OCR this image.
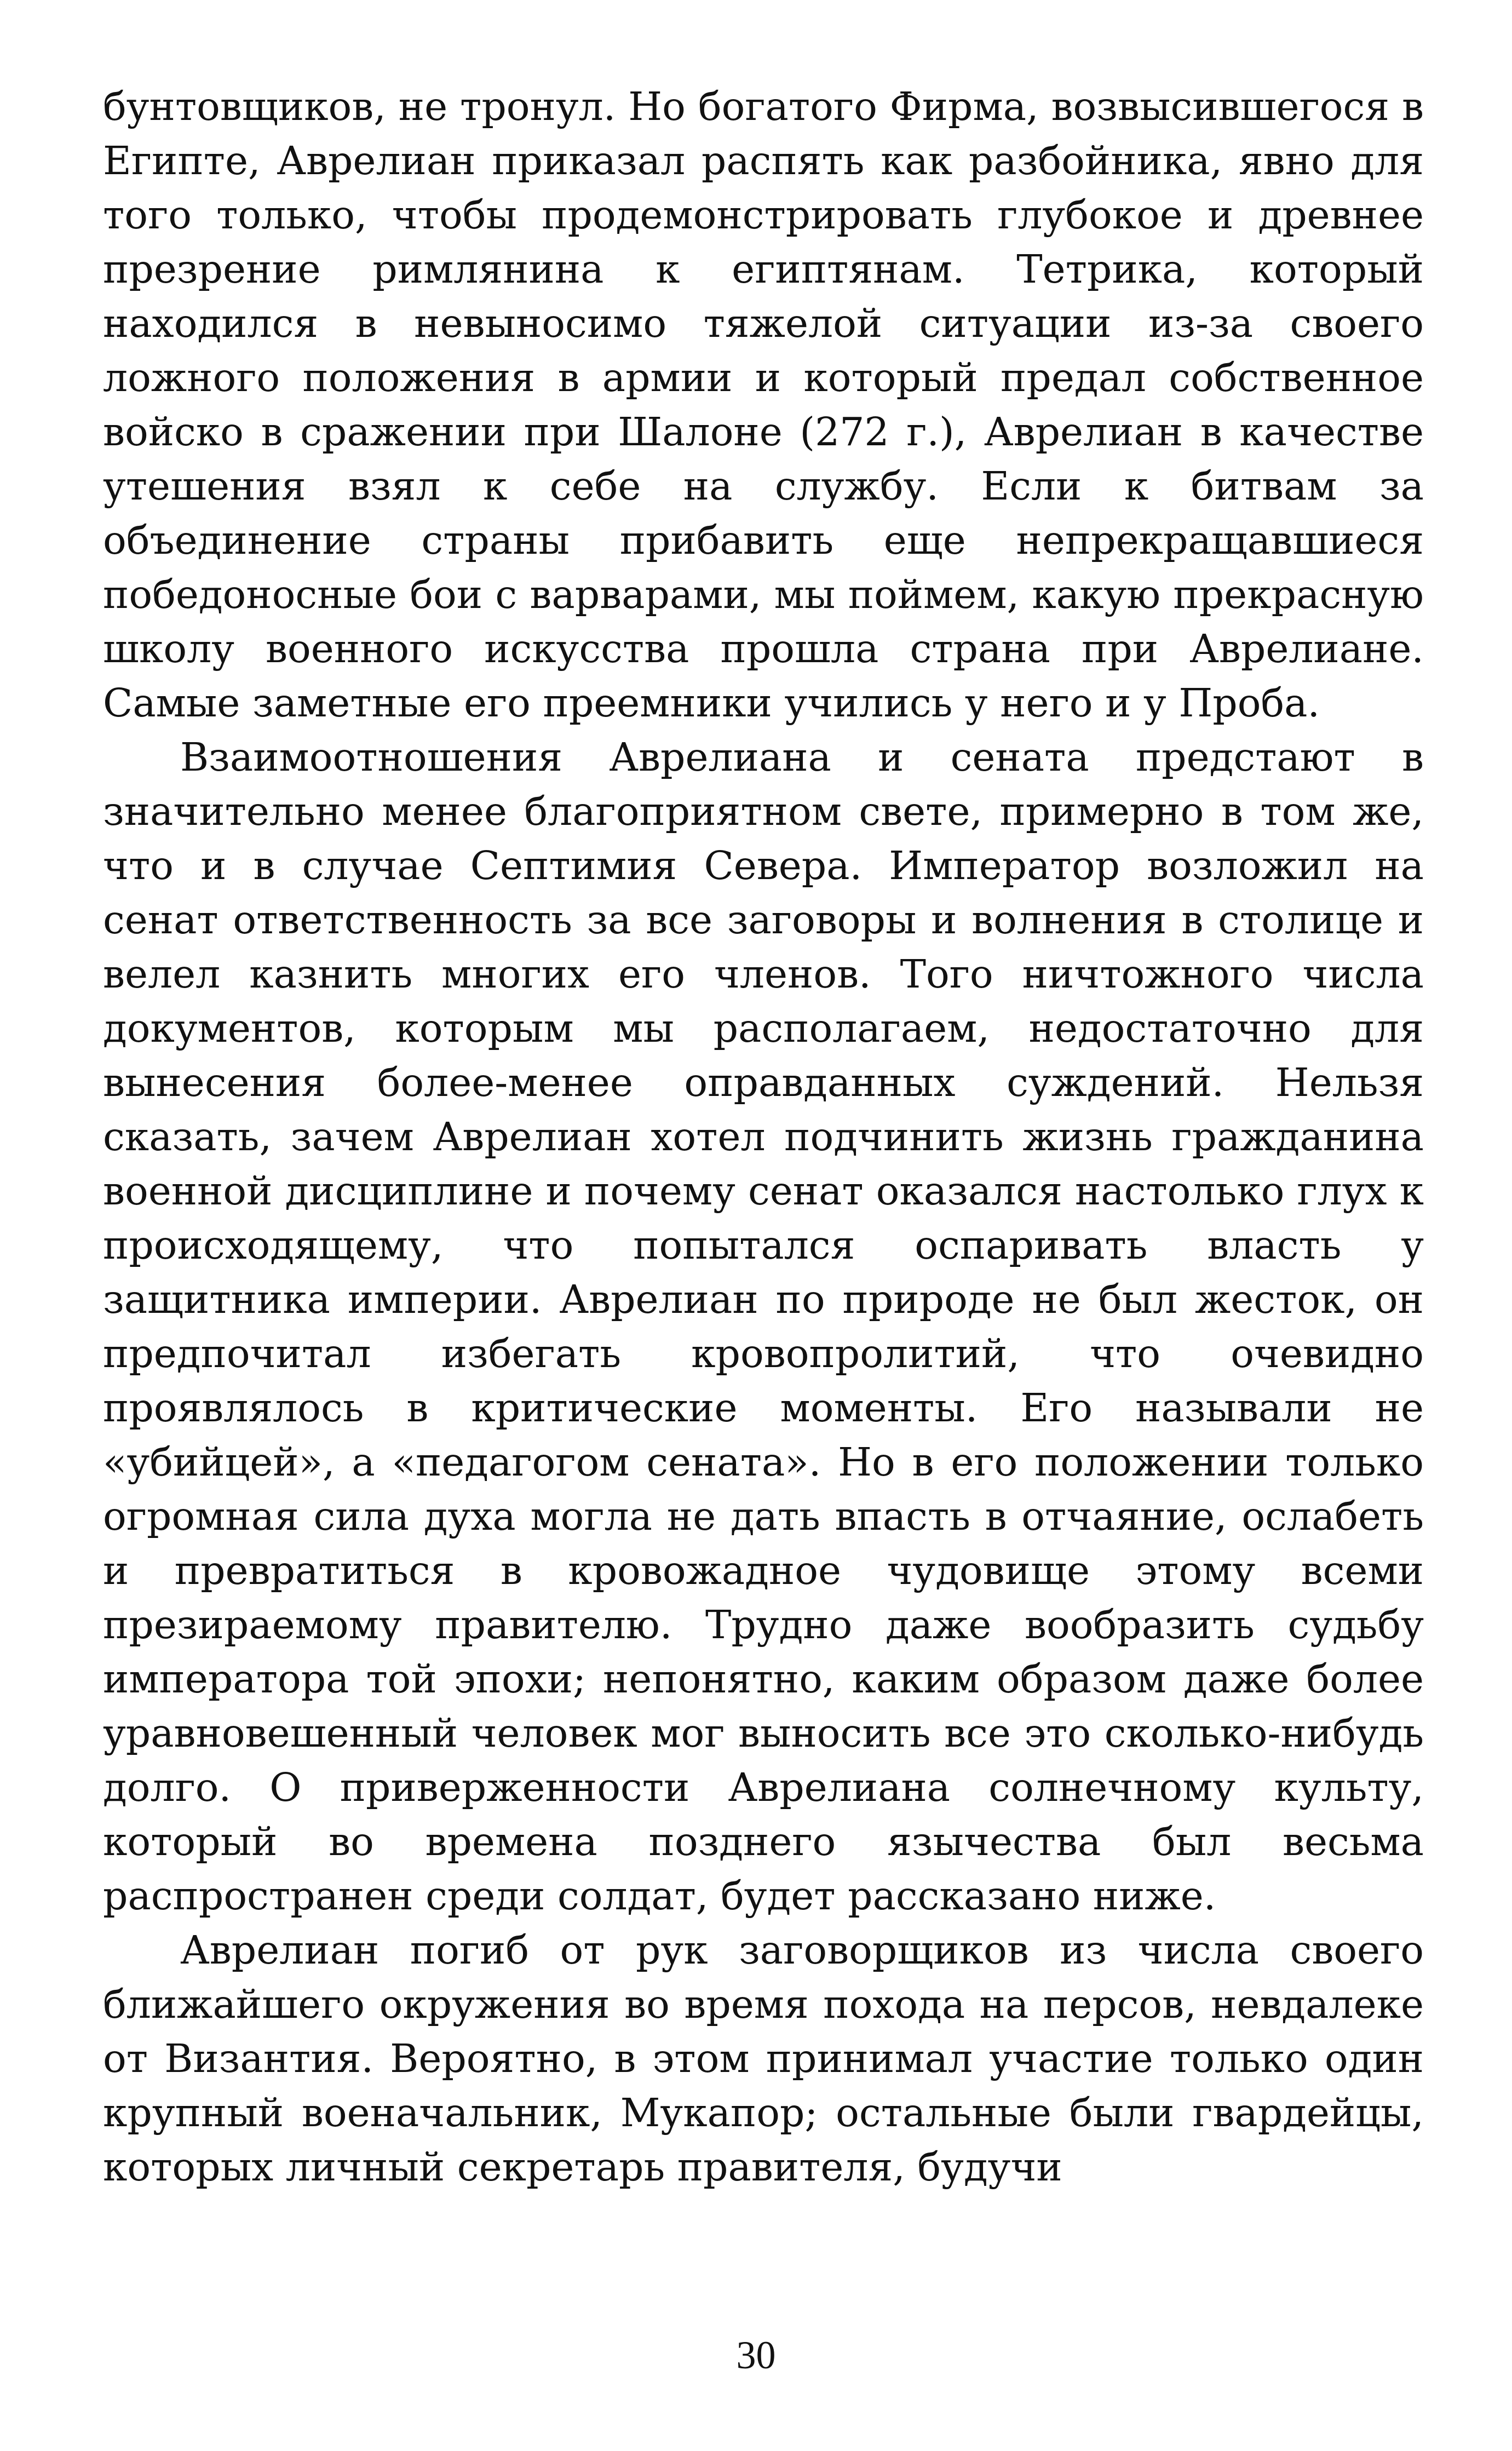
бунтовщиков, не тронул. Но богатого Фирма, возвысившегося в Египте, Аврелиан приказал распять как разбойника, явно для того только, чтобы продемонстрировать глубокое и древнее презрение римлянина к египтянам. Тетрика, который находился в невыносимо тяжелой ситуации из-за своего ложного положения в армии и который предал собственное войско в сражении при Шалоне (272 г.), Аврелиан в качестве утешения взял к себе на службу. Если к битвам за объединение страны прибавить еще непрекращавшиеся победоносные бои с варварами, мы поймем, какую прекрасную школу военного искусства прошла страна при Аврелиане. Самые заметные его преемники учились у него и у Проба.

Взаимоотношения Аврелиана и сената предстают в значительно менее благоприятном свете, примерно в том же, что и в случае Септимия Севера. Император возложил на сенат ответственность за все заговоры и волнения в столице и велел казнить многих его членов. Того ничтожного числа документов, которым мы располагаем, недостаточно для вынесения более-менее оправданных суждений. Нельзя сказать, зачем Аврелиан хотел подчинить жизнь гражданина военной дисциплине и почему сенат оказался настолько глух к происходящему, что попытался оспаривать власть у защитника империи. Аврелиан по природе не был жесток, он предпочитал избегать кровопролитий, что очевидно проявлялось в критические моменты. Его называли не «убийцей», а «педагогом сената». Но в его положении только огромная сила духа могла не дать впасть в отчаяние, ослабеть и превратиться в кровожадное чудовище этому всеми презираемому правителю. Трудно даже вообразить судьбу императора той эпохи; непонятно, каким образом даже более уравновешенный человек мог выносить все это сколько-нибудь долго. О приверженности Аврелиана солнечному культу, который во времена позднего язычества был весьма распространен среди солдат, будет рассказано ниже.

Аврелиан погиб от рук заговорщиков из числа своего ближайшего окружения во время похода на персов, невдалеке от Византия. Вероятно, в этом принимал участие только один крупный военачальник, Мукапор; остальные были гвардейцы, которых личный секретарь правителя, будучи

30
